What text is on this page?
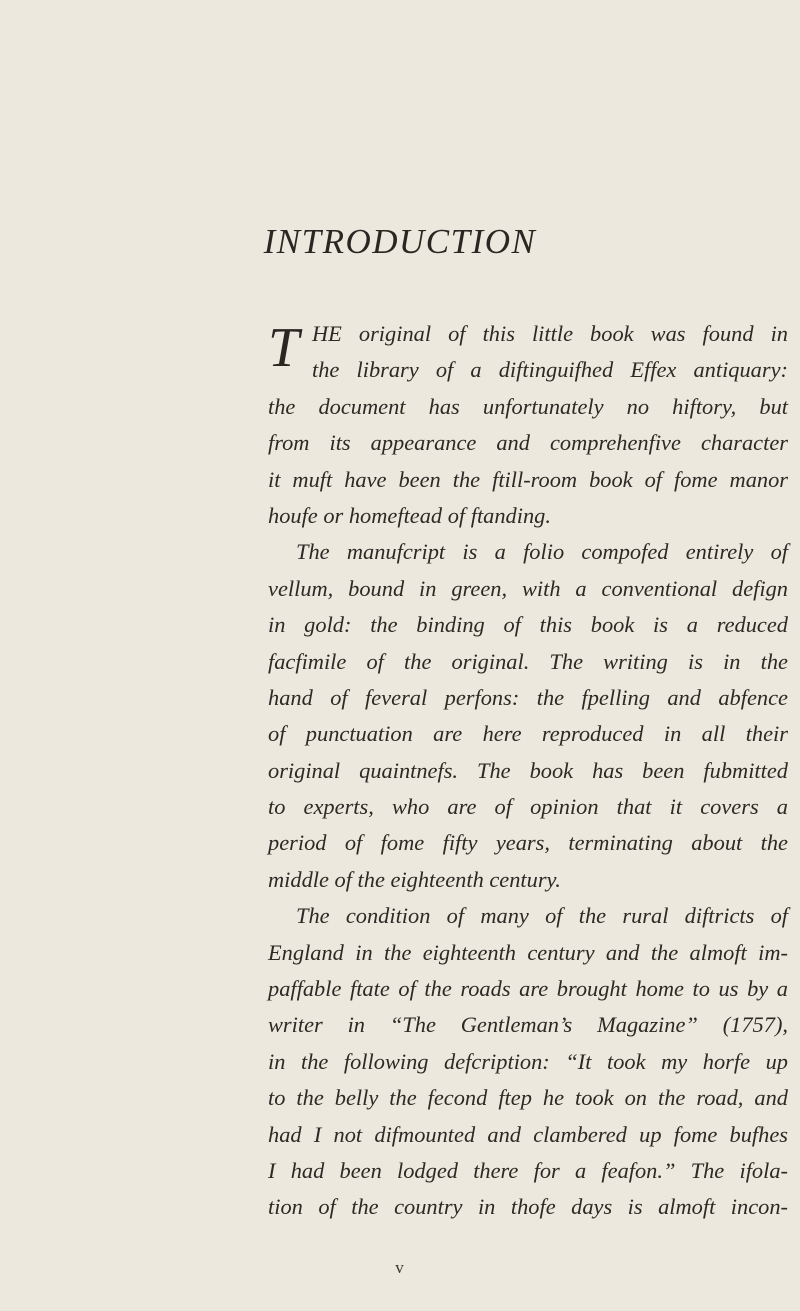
INTRODUCTION
T HE original of this little book was found in
the library of a diftinguifhed Effex antiquary:
the document has unfortunately no hiftory, but
from its appearance and comprehenfive character
it muft have been the ftill-room book of fome manor
houfe or homeftead of ftanding.
The manufcript is a folio compofed entirely of
vellum, bound in green, with a conventional defign
in gold: the binding of this book is a reduced
facfimile of the original. The writing is in the
hand of feveral perfons: the fpelling and abfence
of punctuation are here reproduced in all their
original quaintnefs. The book has been fubmitted
to experts, who are of opinion that it covers a
period of fome fifty years, terminating about the
middle of the eighteenth century.
The condition of many of the rural diftricts of
England in the eighteenth century and the almoft im-
paffable ftate of the roads are brought home to us by a
writer in “The Gentleman’s Magazine” (1757),
in the following defcription: “It took my horfe up
to the belly the fecond ftep he took on the road, and
had I not difmounted and clambered up fome bufhes
I had been lodged there for a feafon.” The ifola-
tion of the country in thofe days is almoft incon-
v
